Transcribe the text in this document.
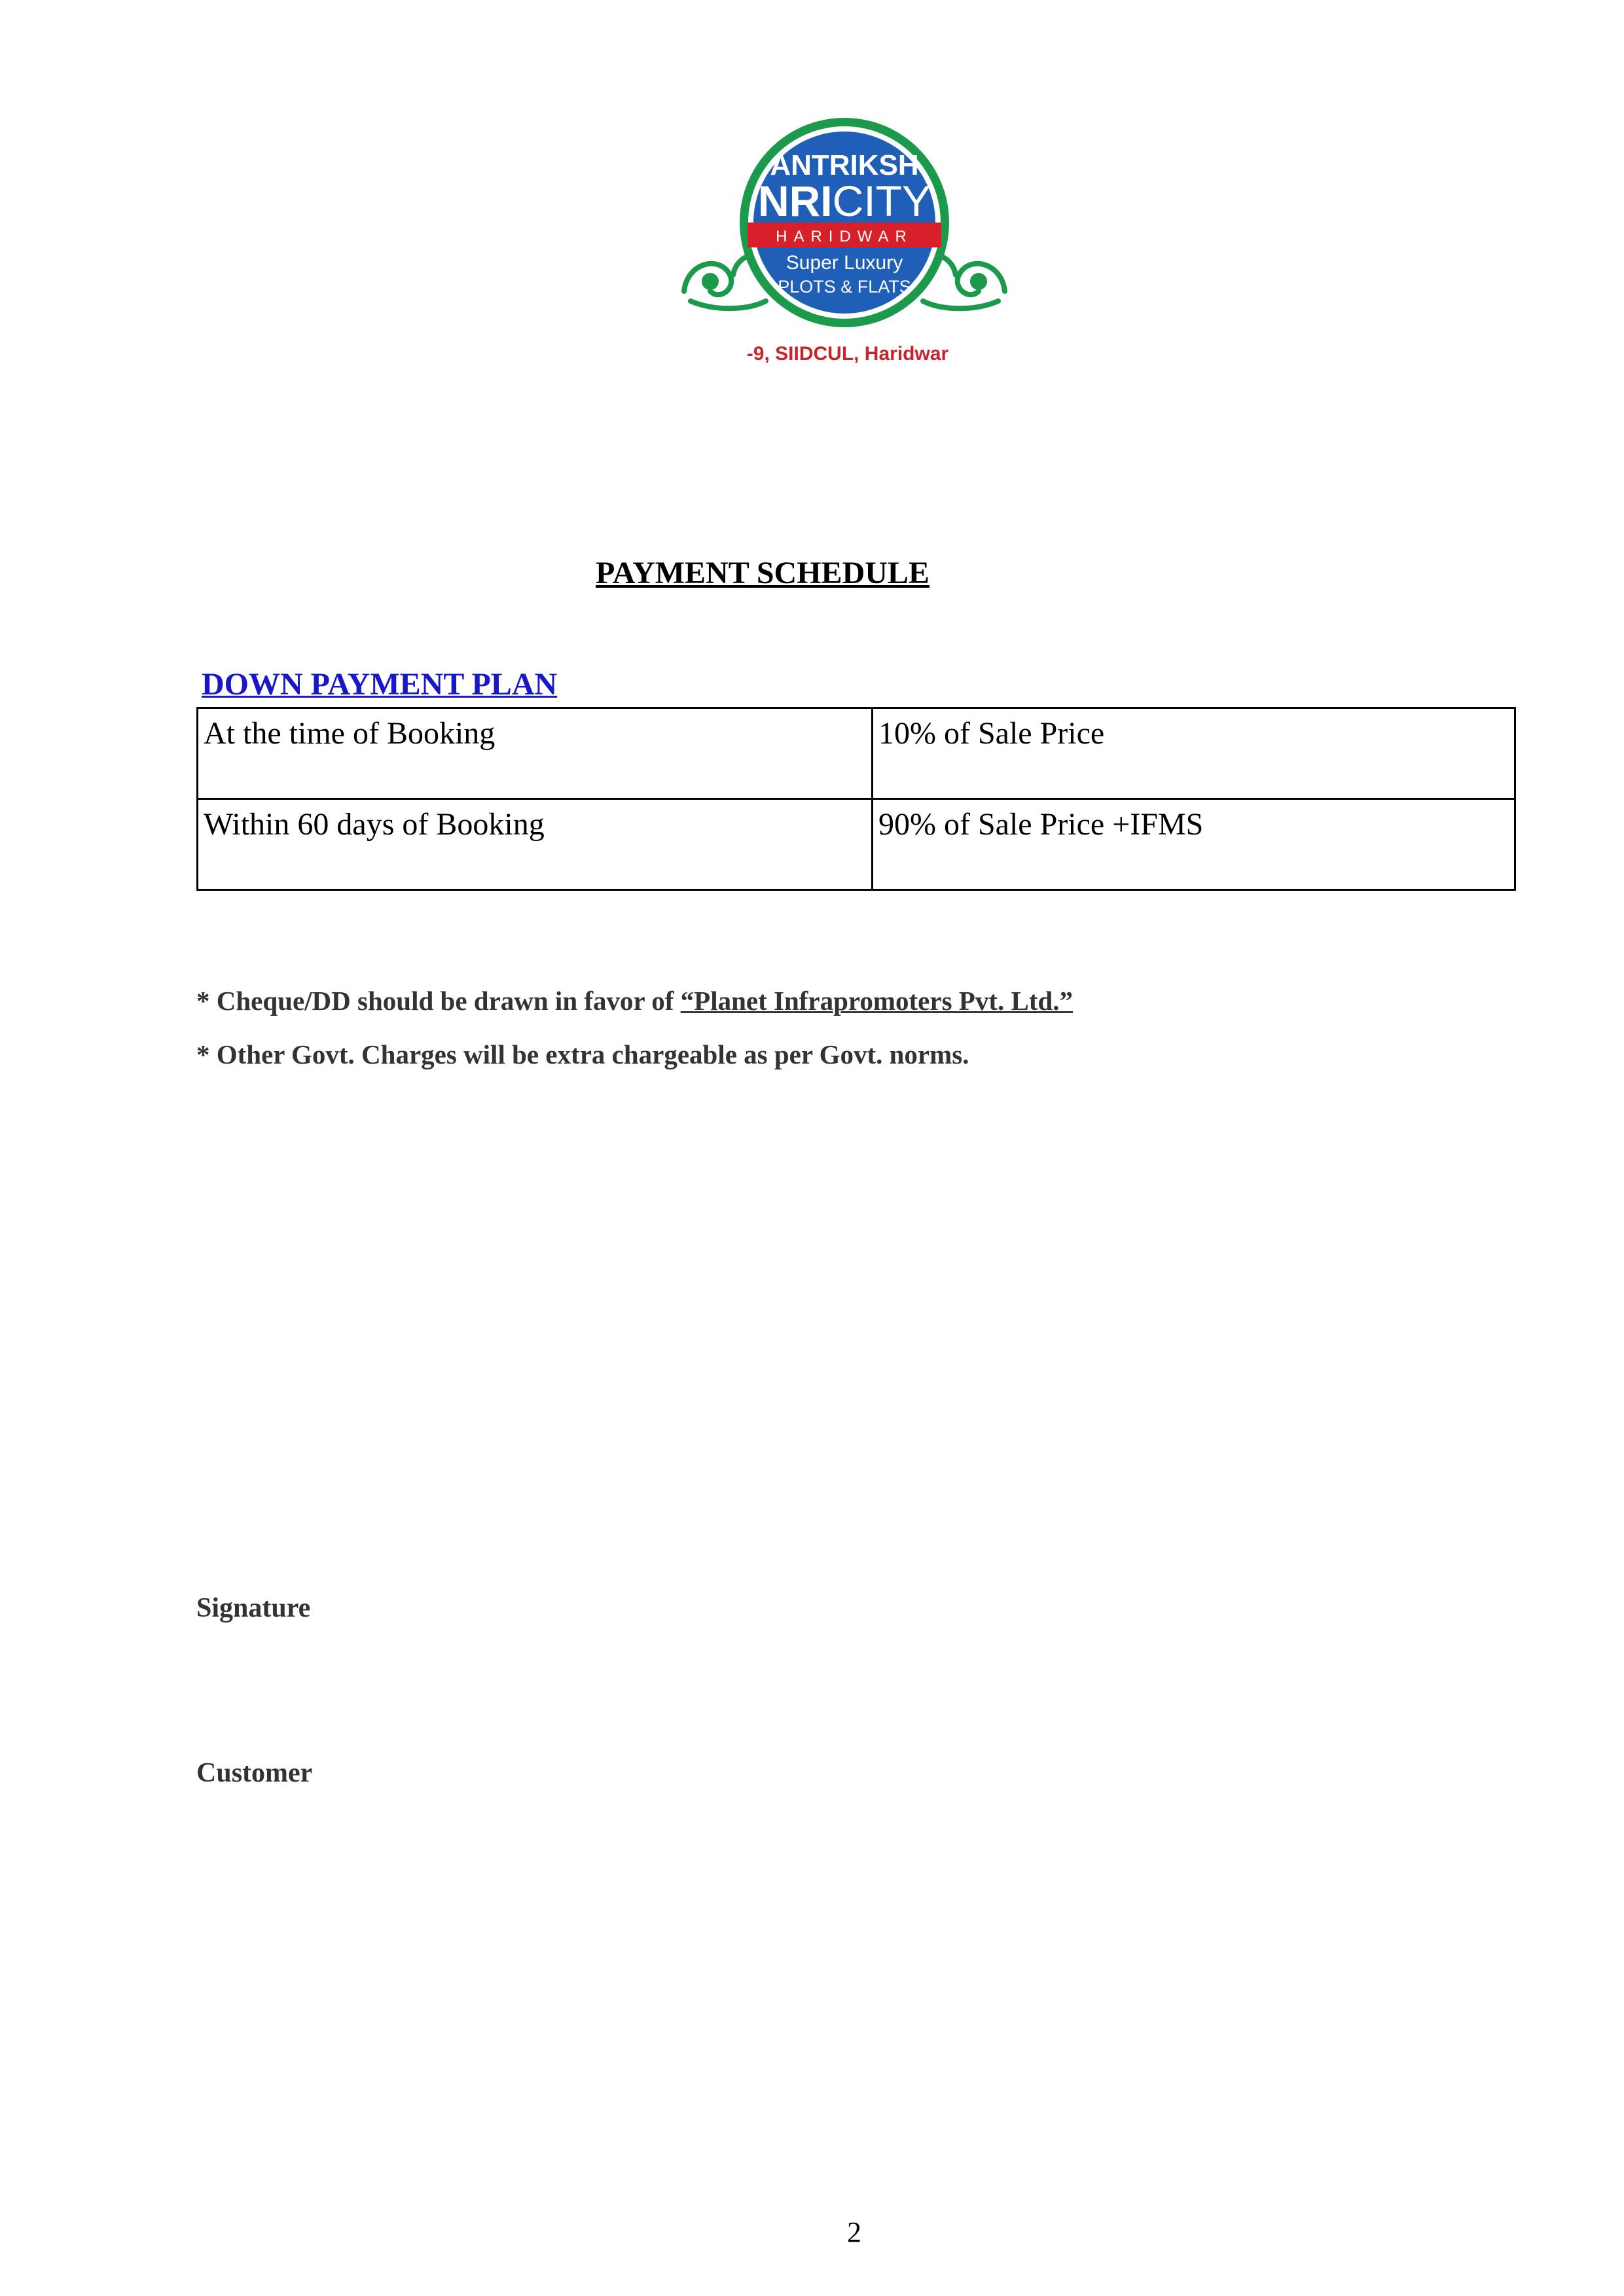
ANTRIKSH
NRICITY
HARIDWAR
Super Luxury
PLOTS & FLATS
-9, SIIDCUL, Haridwar
PAYMENT SCHEDULE
DOWN PAYMENT PLAN
At the time of Booking	10% of Sale Price
Within 60 days of Booking	90% of Sale Price +IFMS
* Cheque/DD should be drawn in favor of “Planet Infrapromoters Pvt. Ltd.”
* Other Govt. Charges will be extra chargeable as per Govt. norms.
Signature
Customer
2
